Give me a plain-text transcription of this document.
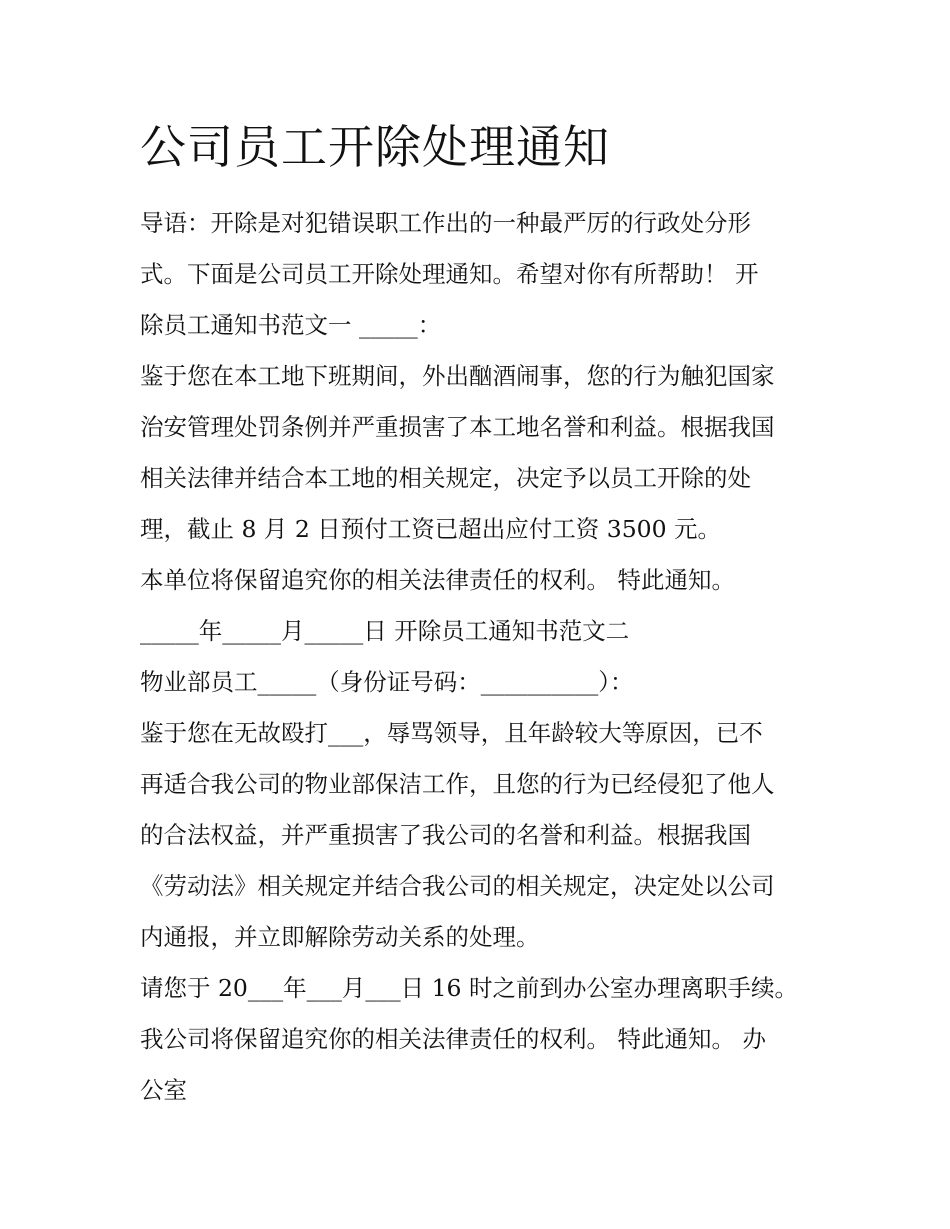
公司员工开除处理通知
导语：开除是对犯错误职工作出的一种最严厉的行政处分形
式。下面是公司员工开除处理通知。希望对你有所帮助！ 开
除员工通知书范文一 _____：
鉴于您在本工地下班期间，外出酗酒闹事，您的行为触犯国家
治安管理处罚条例并严重损害了本工地名誉和利益。根据我国
相关法律并结合本工地的相关规定，决定予以员工开除的处
理，截止 8 月 2 日预付工资已超出应付工资 3500 元。
本单位将保留追究你的相关法律责任的权利。 特此通知。
_____年_____月_____日 开除员工通知书范文二
物业部员工_____（身份证号码：__________）：
鉴于您在无故殴打___，辱骂领导，且年龄较大等原因，已不
再适合我公司的物业部保洁工作，且您的行为已经侵犯了他人
的合法权益，并严重损害了我公司的名誉和利益。根据我国
《劳动法》相关规定并结合我公司的相关规定，决定处以公司
内通报，并立即解除劳动关系的处理。
请您于 20___年___月___日 16 时之前到办公室办理离职手续。
我公司将保留追究你的相关法律责任的权利。 特此通知。 办
公室
